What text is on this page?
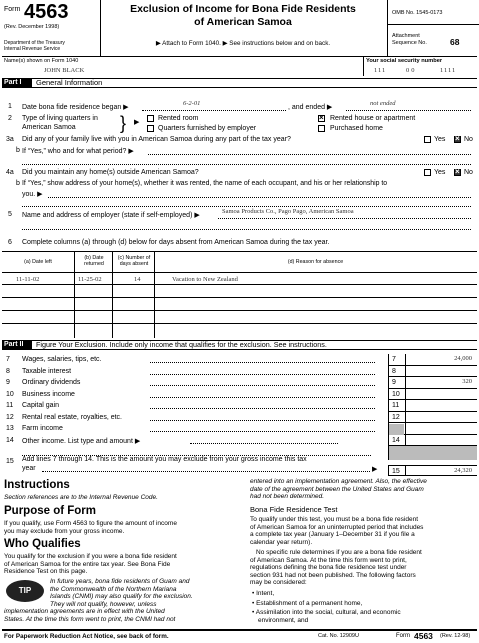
Form 4563
(Rev. December 1998)
Department of the Treasury
Internal Revenue Service
Exclusion of Income for Bona Fide Residents
of American Samoa
▶ Attach to Form 1040. ▶ See instructions below and on back.
OMB No. 1545-0173
Attachment
Sequence No.	68
Name(s) shown on Form 1040
JOHN BLACK
Your social security number
111	00	1111
Part I	General Information
1 Date bona fide residence began ▶
6-2-01
, and ended ▶
not ended
2 Type of living quarters in
American Samoa } ▶
Rented room ×	Rented house or apartment
Quarters furnished by employer	Purchased home
3a Did any of your family live with you in American Samoa during any part of the tax year?	Yes ×	No
b If “Yes,” who and for what period? ▶
4a Did you maintain any home(s) outside American Samoa?	Yes ×	No
b If “Yes,” show address of your home(s), whether it was rented, the name of each occupant, and his or her relationship to
you. ▶
5 Name and address of employer (state if self-employed) ▶
Samoa Products Co., Pago Pago, American Samoa
6 Complete columns (a) through (d) below for days absent from American Samoa during the tax year.
(a) Date left
(b) Date returned
(c) Number of days absent	(d) Reason for absence
11-11-02	11-25-02	14	Vacation to New Zealand
Part II	Figure Your Exclusion. Include only income that qualifies for the exclusion. See instructions.
7 Wages, salaries, tips, etc.	7	24,000
8 Taxable interest	8
9 Ordinary dividends	9	320
10 Business income	10
11 Capital gain	11
12 Rental real estate, royalties, etc.	12
13 Farm income
14 Other income. List type and amount ▶	14
15 Add lines 7 through 14. This is the amount you may exclude from your gross income this tax
year	▶ 15	24,320
Instructions
Section references are to the Internal Revenue Code.
Purpose of Form
If you qualify, use Form 4563 to figure the amount of income
you may exclude from your gross income.
Who Qualifies
You qualify for the exclusion if you were a bona fide resident
of American Samoa for the entire tax year. See Bona Fide
Residence Test on this page.
TIP
In future years, bona fide residents of Guam and
the Commonwealth of the Northern Mariana
Islands (CNMI) may also qualify for the exclusion.
They will not qualify, however, unless
implementation agreements are in effect with the United
States. At the time this form went to print, the CNMI had not
entered into an implementation agreement. Also, the effective
date of the agreement between the United States and Guam
had not been determined.
Bona Fide Residence Test
To qualify under this test, you must be a bona fide resident
of American Samoa for an uninterrupted period that includes
a complete tax year (January 1–December 31 if you file a
calendar year return).
No specific rule determines if you are a bona fide resident
of American Samoa. At the time this form went to print,
regulations defining the bona fide residence test under
section 931 had not been published. The following factors
may be considered:
• Intent,
• Establishment of a permanent home,
• Assimilation into the social, cultural, and economic
environment, and
For Paperwork Reduction Act Notice, see back of form.	Cat. No. 12909U	Form 4563 (Rev. 12-98)
